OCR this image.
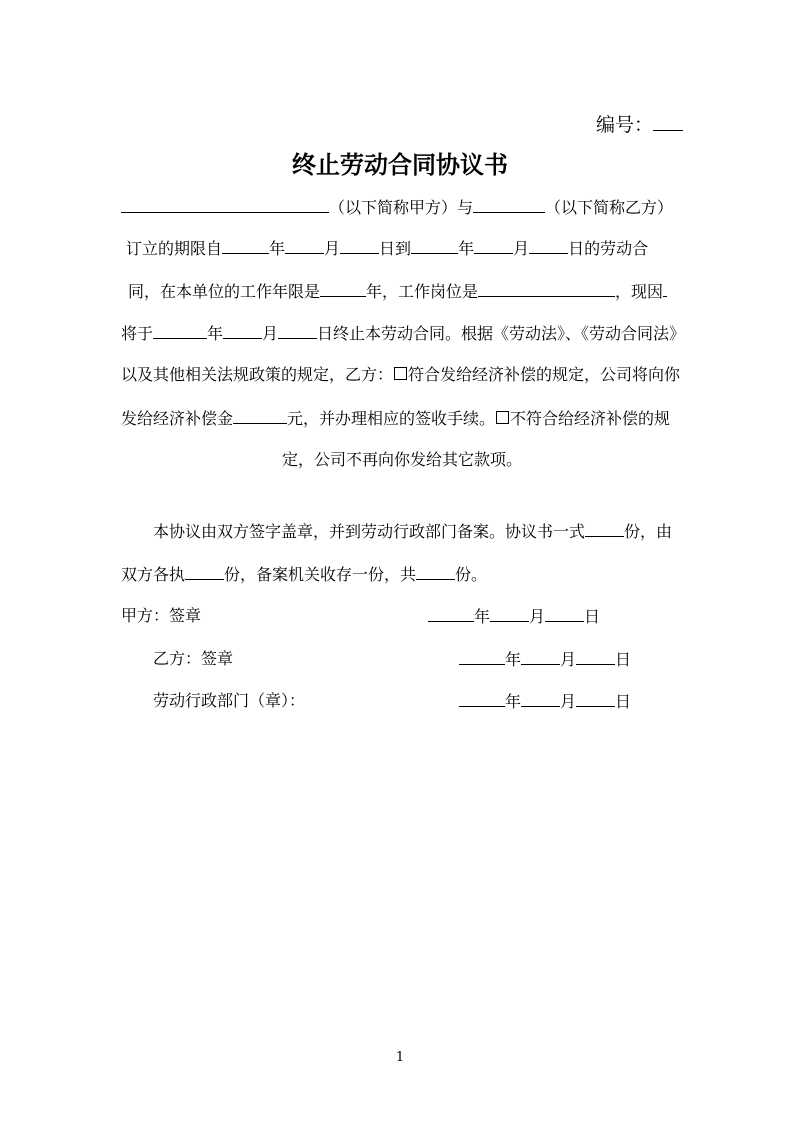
编号：
终止劳动合同协议书
（以下简称甲方）与	（以下简称乙方）
订立的期限自	年 月 日到	年 月 日的劳动合
同，在本单位的工作年限是	年，工作岗位是	，现因
将于	年 月 日终止本劳动合同。根据《劳动法》、《劳动合同法》
以及其他相关法规政策的规定，乙方： 符合发给经济补偿的规定，公司将向你
发给经济补偿金	元，并办理相应的签收手续。 不符合给经济补偿的规
定，公司不再向你发给其它款项。
本协议由双方签字盖章，并到劳动行政部门备案。协议书一式 份，由
双方各执 份，备案机关收存一份，共 份。
甲方：签章	年 月 日
乙方：签章	年 月 日
劳动行政部门（章）：	年 月 日
1
